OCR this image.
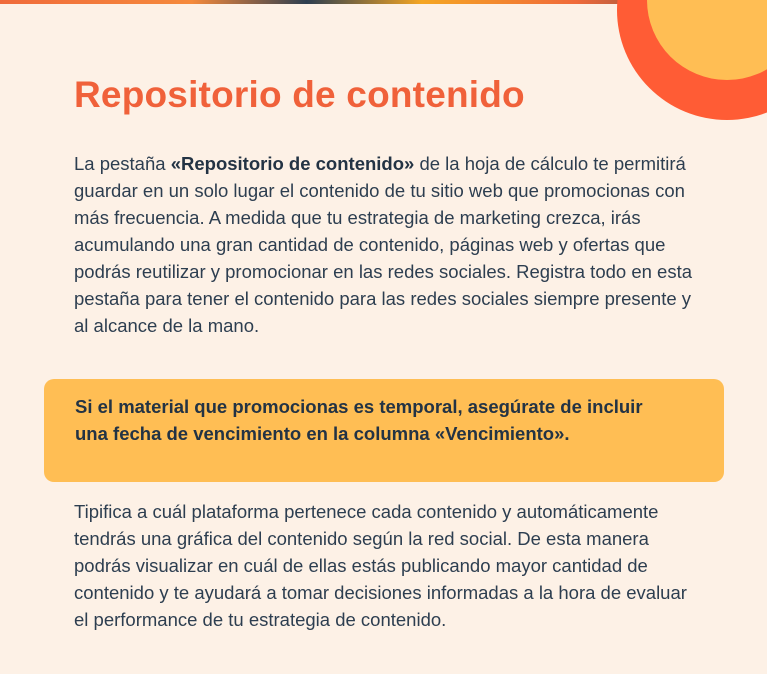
Repositorio de contenido

La pestaña «Repositorio de contenido» de la hoja de cálculo te permitirá guardar en un solo lugar el contenido de tu sitio web que promocionas con más frecuencia. A medida que tu estrategia de marketing crezca, irás acumulando una gran cantidad de contenido, páginas web y ofertas que podrás reutilizar y promocionar en las redes sociales. Registra todo en esta pestaña para tener el contenido para las redes sociales siempre presente y al alcance de la mano.

Si el material que promocionas es temporal, asegúrate de incluir una fecha de vencimiento en la columna «Vencimiento».

Tipifica a cuál plataforma pertenece cada contenido y automáticamente tendrás una gráfica del contenido según la red social. De esta manera podrás visualizar en cuál de ellas estás publicando mayor cantidad de contenido y te ayudará a tomar decisiones informadas a la hora de evaluar el performance de tu estrategia de contenido.
